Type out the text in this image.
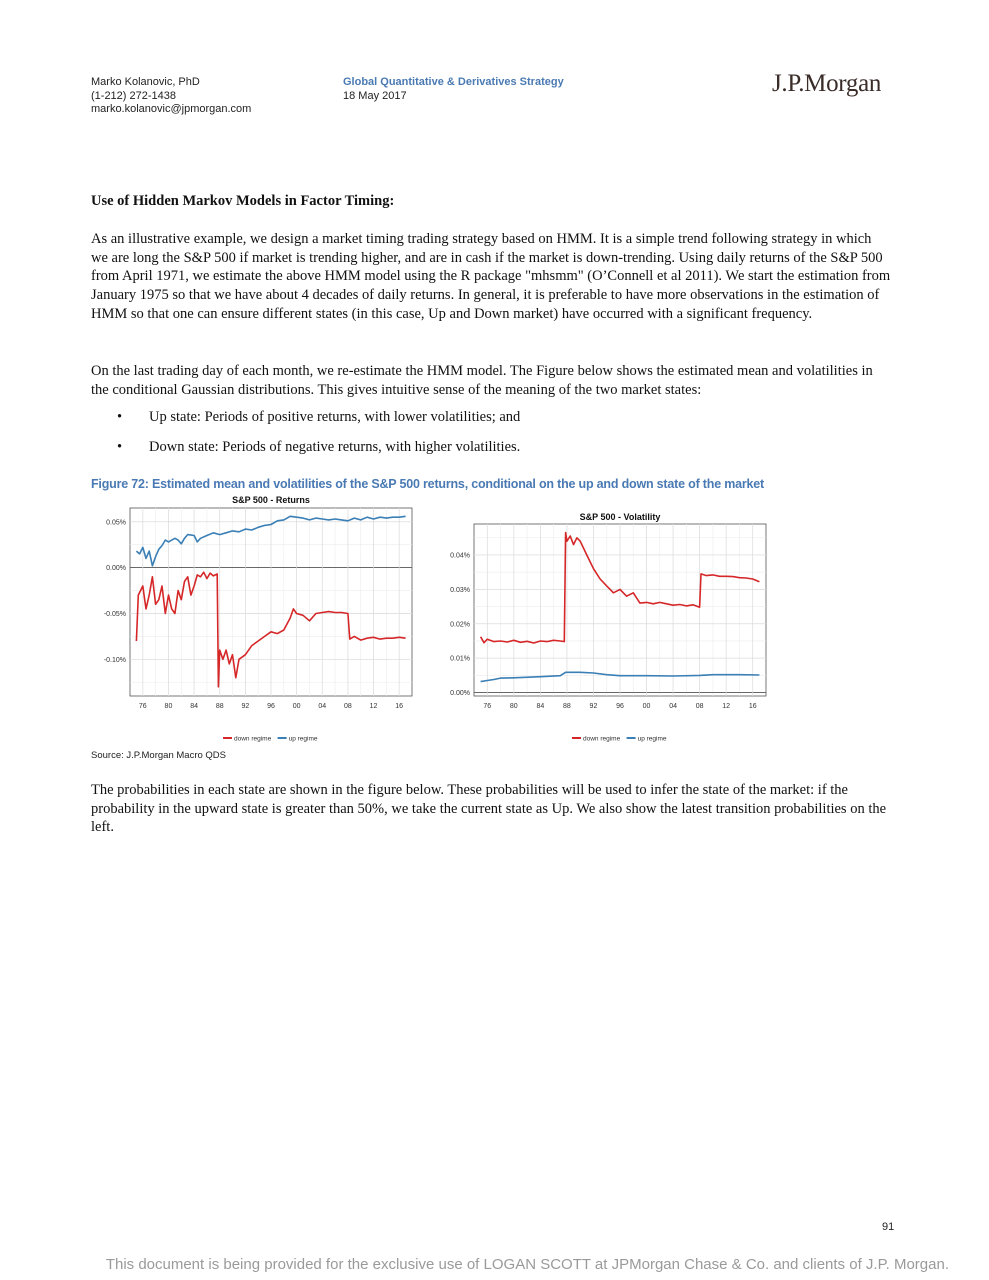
Marko Kolanovic, PhD
(1-212) 272-1438
marko.kolanovic@jpmorgan.com
Global Quantitative & Derivatives Strategy
18 May 2017	J.P.Morgan
Use of Hidden Markov Models in Factor Timing:

As an illustrative example, we design a market timing trading strategy based on HMM. It is a simple trend following strategy in which we are long the S&P 500 if market is trending higher, and are in cash if the market is down-trending. Using daily returns of the S&P 500 from April 1971, we estimate the above HMM model using the R package "mhsmm" (O’Connell et al 2011). We start the estimation from January 1975 so that we have about 4 decades of daily returns. In general, it is preferable to have more observations in the estimation of HMM so that one can ensure different states (in this case, Up and Down market) have occurred with a significant frequency.

On the last trading day of each month, we re-estimate the HMM model. The Figure below shows the estimated mean and volatilities in the conditional Gaussian distributions. This gives intuitive sense of the meaning of the two market states:

• Up state: Periods of positive returns, with lower volatilities; and
• Down state: Periods of negative returns, with higher volatilities.
Figure 72: Estimated mean and volatilities of the S&P 500 returns, conditional on the up and down state of the market
S&P 500 - Returns
0.05%
0.00%
-0.05%
-0.10%
76	80	84	88	92	96	00	04	08	12	16
down regime	up regime
S&P 500 - Volatility
0.04%
0.03%
0.02%
0.01%
0.00%
76	80	84	88	92	96	00	04	08	12	16
down regime	up regime
Source: J.P.Morgan Macro QDS

The probabilities in each state are shown in the figure below. These probabilities will be used to infer the state of the market: if the probability in the upward state is greater than 50%, we take the current state as Up. We also show the latest transition probabilities on the left.

91
This document is being provided for the exclusive use of LOGAN SCOTT at JPMorgan Chase & Co. and clients of J.P. Morgan.
